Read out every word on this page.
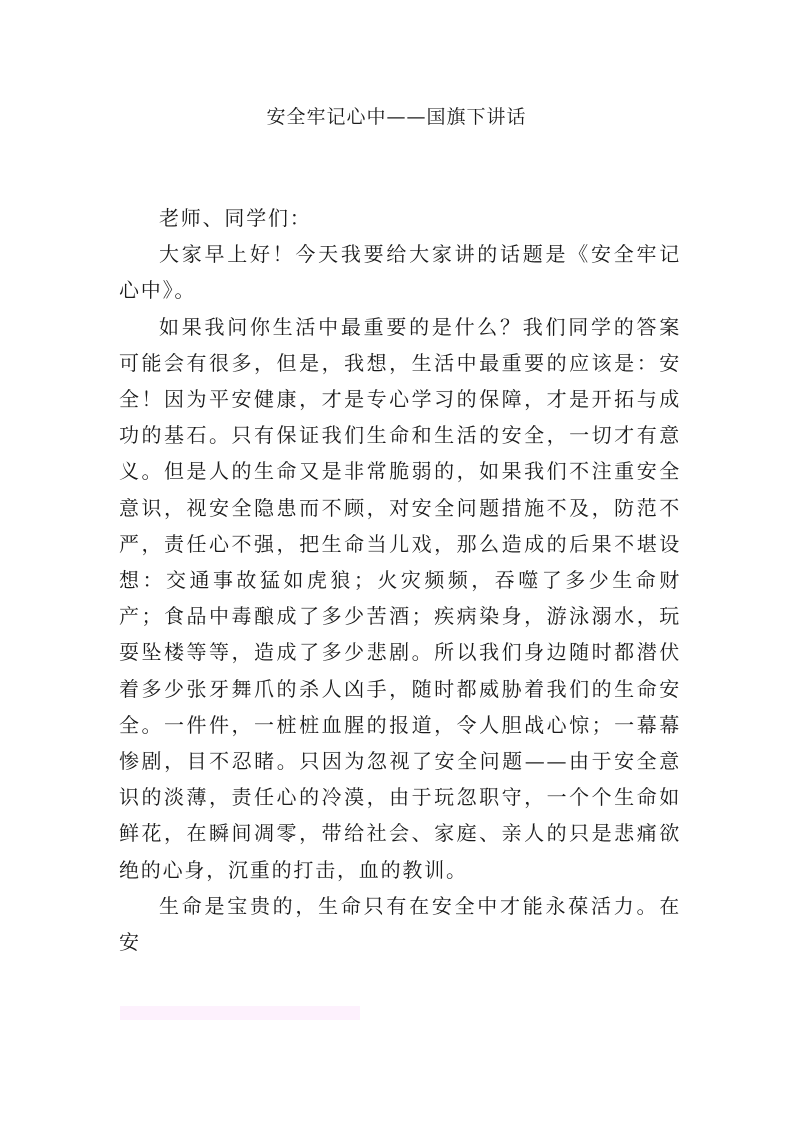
安全牢记心中——国旗下讲话

老师、同学们：

大家早上好！今天我要给大家讲的话题是《安全牢记心中》。

如果我问你生活中最重要的是什么？我们同学的答案可能会有很多，但是，我想，生活中最重要的应该是：安全！因为平安健康，才是专心学习的保障，才是开拓与成功的基石。只有保证我们生命和生活的安全，一切才有意义。但是人的生命又是非常脆弱的，如果我们不注重安全意识，视安全隐患而不顾，对安全问题措施不及，防范不严，责任心不强，把生命当儿戏，那么造成的后果不堪设想：交通事故猛如虎狼；火灾频频，吞噬了多少生命财产；食品中毒酿成了多少苦酒；疾病染身，游泳溺水，玩耍坠楼等等，造成了多少悲剧。所以我们身边随时都潜伏着多少张牙舞爪的杀人凶手，随时都威胁着我们的生命安全。一件件，一桩桩血腥的报道，令人胆战心惊；一幕幕惨剧，目不忍睹。只因为忽视了安全问题——由于安全意识的淡薄，责任心的冷漠，由于玩忽职守，一个个生命如鲜花，在瞬间凋零，带给社会、家庭、亲人的只是悲痛欲绝的心身，沉重的打击，血的教训。

生命是宝贵的，生命只有在安全中才能永葆活力。在安
